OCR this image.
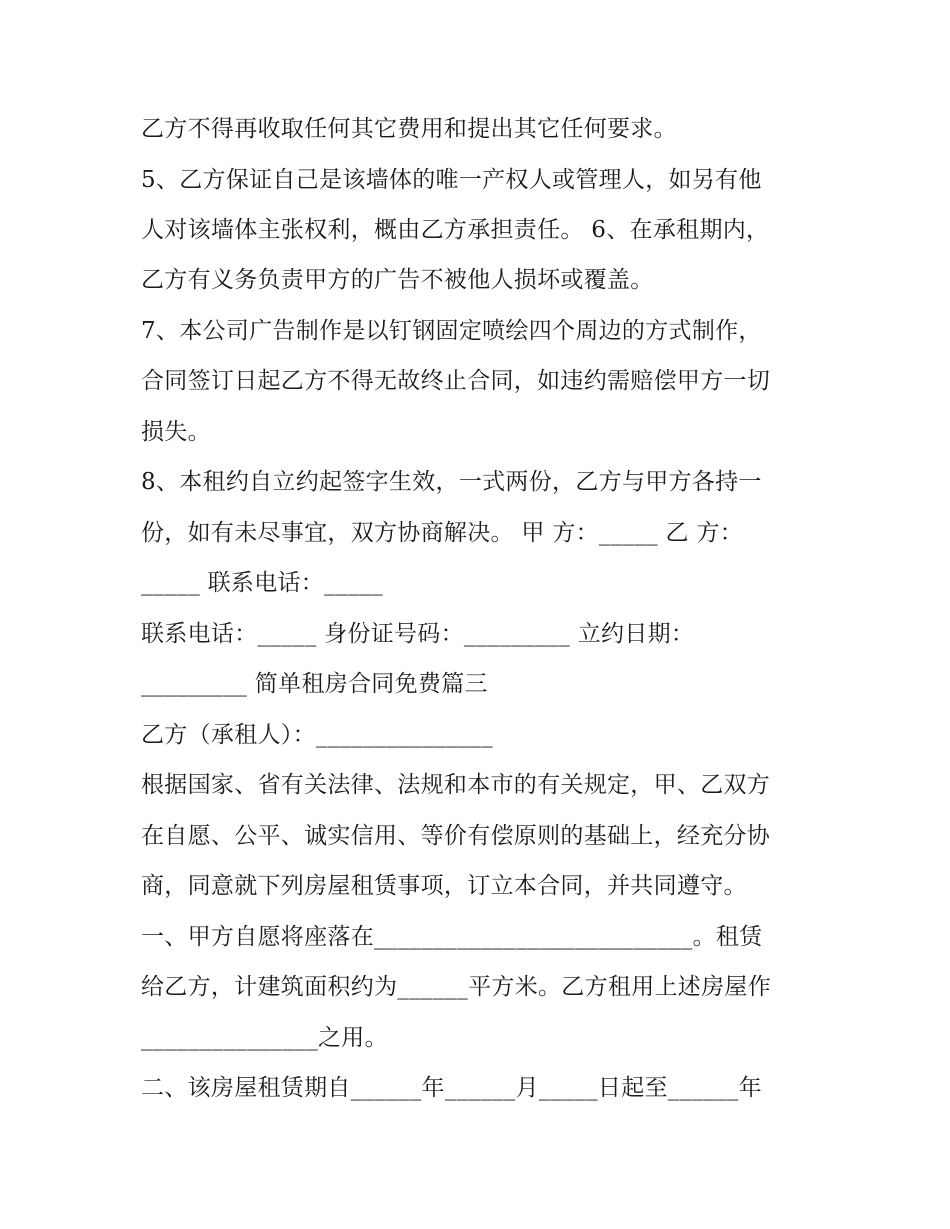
乙方不得再收取任何其它费用和提出其它任何要求。
5、乙方保证自己是该墙体的唯一产权人或管理人，如另有他
人对该墙体主张权利，概由乙方承担责任。 6、在承租期内，
乙方有义务负责甲方的广告不被他人损坏或覆盖。
7、本公司广告制作是以钉钢固定喷绘四个周边的方式制作，
合同签订日起乙方不得无故终止合同，如违约需赔偿甲方一切
损失。
8、本租约自立约起签字生效，一式两份，乙方与甲方各持一
份，如有未尽事宜，双方协商解决。 甲 方：_____ 乙 方：
_____ 联系电话：_____
联系电话：_____ 身份证号码：_________ 立约日期：
_________ 简单租房合同免费篇三
乙方（承租人）：_______________
根据国家、省有关法律、法规和本市的有关规定，甲、乙双方
在自愿、公平、诚实信用、等价有偿原则的基础上，经充分协
商，同意就下列房屋租赁事项，订立本合同，并共同遵守。
一、甲方自愿将座落在___________________________。租赁
给乙方，计建筑面积约为______平方米。乙方租用上述房屋作
_______________之用。
二、该房屋租赁期自______年______月_____日起至______年
